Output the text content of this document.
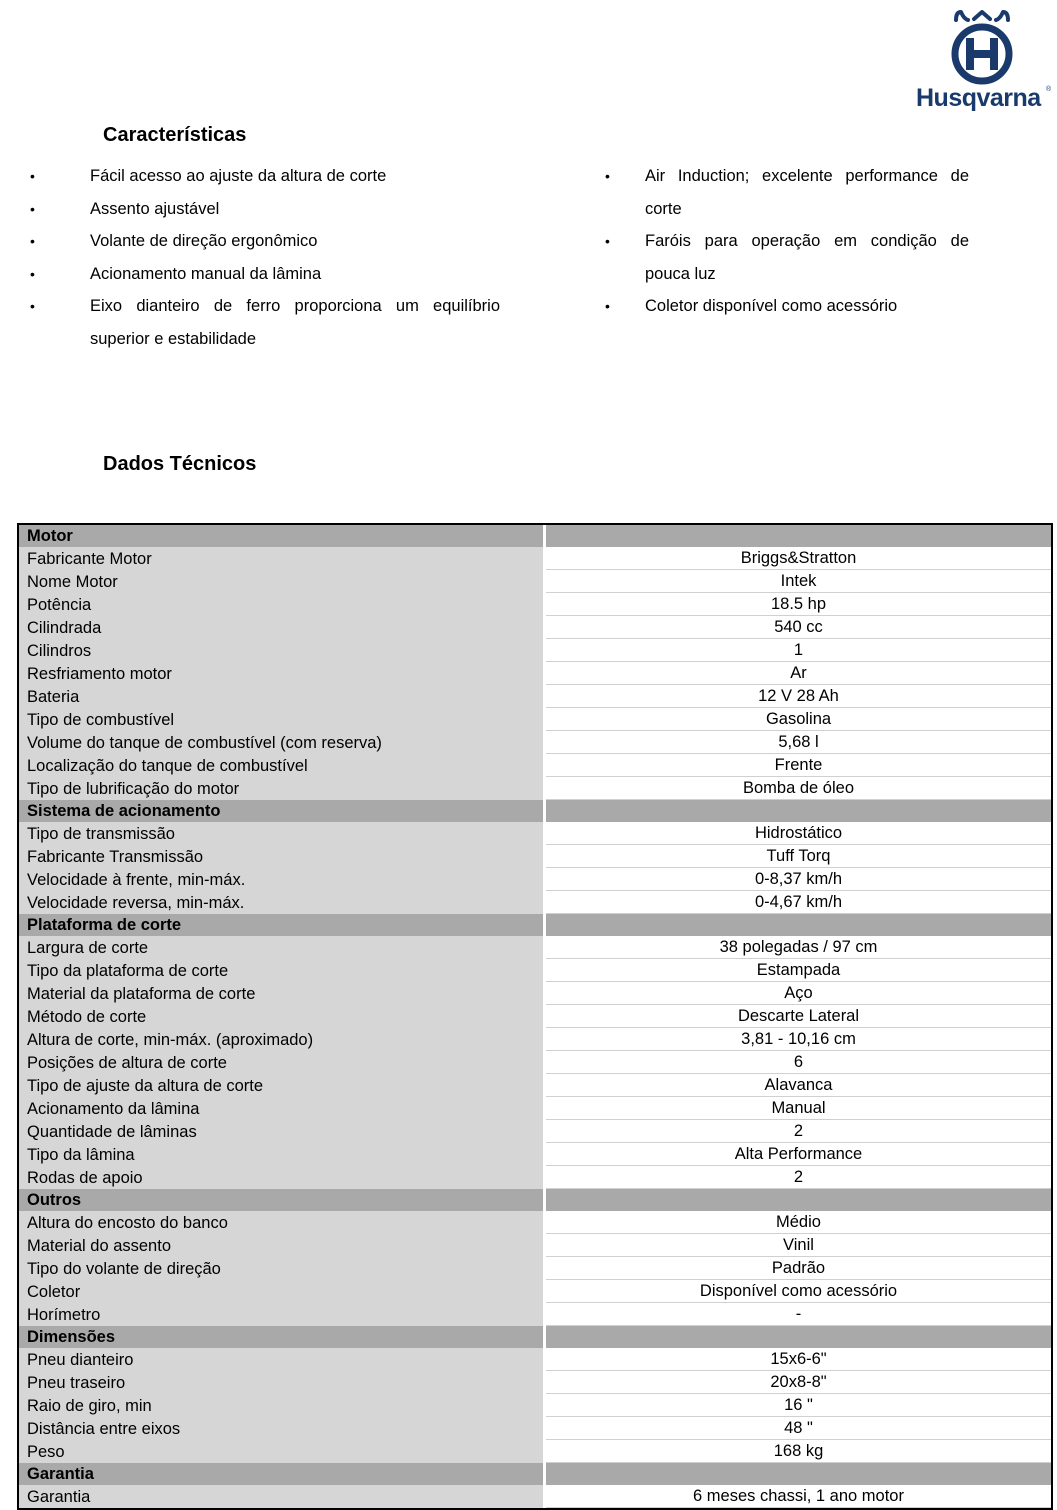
Husqvarna ®
Características
•	Fácil acesso ao ajuste da altura de corte
•	Assento ajustável
•	Volante de direção ergonômico
•	Acionamento manual da lâmina
•	Eixo dianteiro de ferro proporciona um equilíbrio superior e estabilidade
• Air Induction; excelente performance de corte
• Faróis para operação em condição de pouca luz
• Coletor disponível como acessório
Dados Técnicos
Motor	
Fabricante Motor	Briggs&Stratton
Nome Motor	Intek
Potência	18.5 hp
Cilindrada	540 cc
Cilindros	1
Resfriamento motor	Ar
Bateria	12 V 28 Ah
Tipo de combustível	Gasolina
Volume do tanque de combustível (com reserva)	5,68 l
Localização do tanque de combustível	Frente
Tipo de lubrificação do motor	Bomba de óleo
Sistema de acionamento	
Tipo de transmissão	Hidrostático
Fabricante Transmissão	Tuff Torq
Velocidade à frente, min-máx.	0-8,37 km/h
Velocidade reversa, min-máx.	0-4,67 km/h
Plataforma de corte	
Largura de corte	38 polegadas / 97 cm
Tipo da plataforma de corte	Estampada
Material da plataforma de corte	Aço
Método de corte	Descarte Lateral
Altura de corte, min-máx. (aproximado)	3,81 - 10,16 cm
Posições de altura de corte	6
Tipo de ajuste da altura de corte	Alavanca
Acionamento da lâmina	Manual
Quantidade de lâminas	2
Tipo da lâmina	Alta Performance
Rodas de apoio	2
Outros	
Altura do encosto do banco	Médio
Material do assento	Vinil
Tipo do volante de direção	Padrão
Coletor	Disponível como acessório
Horímetro	-
Dimensões	
Pneu dianteiro	15x6-6"
Pneu traseiro	20x8-8"
Raio de giro, min	16 "
Distância entre eixos	48 "
Peso	168 kg
Garantia	
Garantia	6 meses chassi, 1 ano motor
